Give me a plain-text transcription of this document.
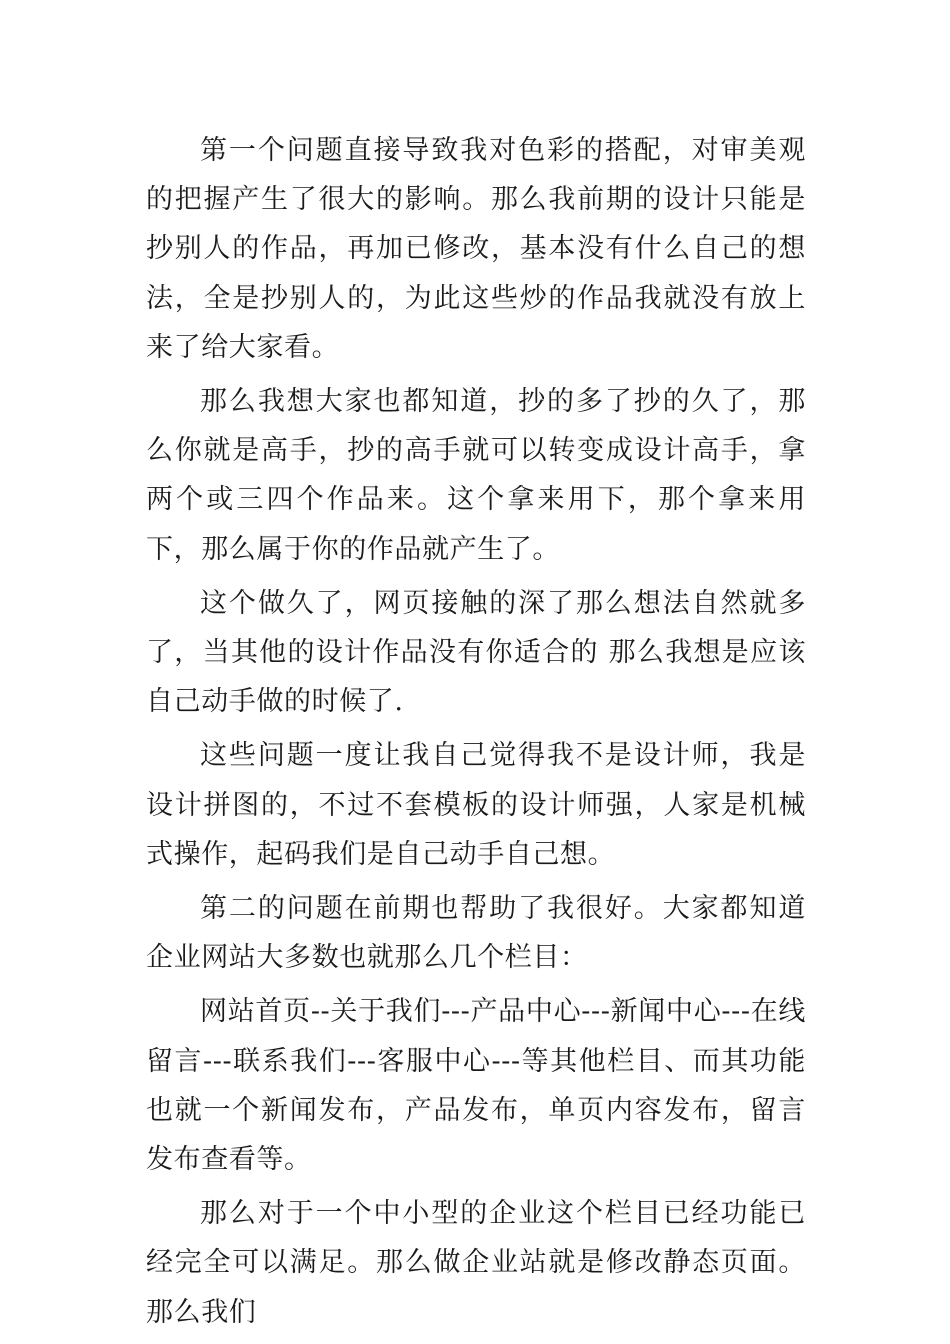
第一个问题直接导致我对色彩的搭配，对审美观的把握产生了很大的影响。那么我前期的设计只能是抄别人的作品，再加已修改，基本没有什么自己的想法，全是抄别人的，为此这些炒的作品我就没有放上来了给大家看。

那么我想大家也都知道，抄的多了抄的久了，那么你就是高手，抄的高手就可以转变成设计高手，拿两个或三四个作品来。这个拿来用下，那个拿来用下，那么属于你的作品就产生了。

这个做久了，网页接触的深了那么想法自然就多了，当其他的设计作品没有你适合的 那么我想是应该自己动手做的时候了.

这些问题一度让我自己觉得我不是设计师，我是设计拼图的，不过不套模板的设计师强，人家是机械式操作，起码我们是自己动手自己想。

第二的问题在前期也帮助了我很好。大家都知道企业网站大多数也就那么几个栏目：

网站首页--关于我们---产品中心---新闻中心---在线留言---联系我们---客服中心---等其他栏目、而其功能也就一个新闻发布，产品发布，单页内容发布，留言发布查看等。

那么对于一个中小型的企业这个栏目已经功能已经完全可以满足。那么做企业站就是修改静态页面。那么我们
